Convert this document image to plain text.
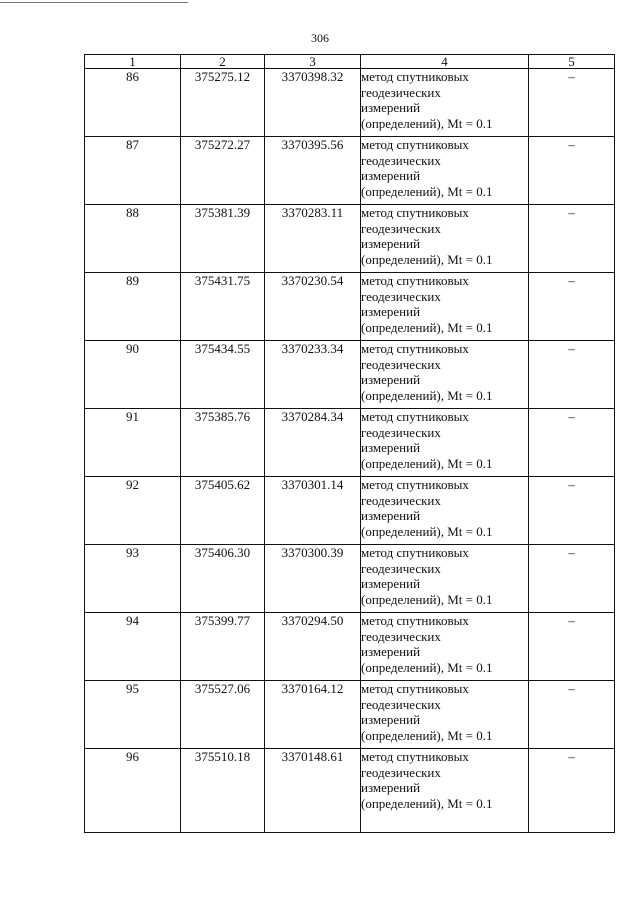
306
1	2	3	4	5
86	375275.12	3370398.32	метод спутниковых
геодезических
измерений
(определений), Mt = 0.1	–
87	375272.27	3370395.56	метод спутниковых
геодезических
измерений
(определений), Mt = 0.1	–
88	375381.39	3370283.11	метод спутниковых
геодезических
измерений
(определений), Mt = 0.1	–
89	375431.75	3370230.54	метод спутниковых
геодезических
измерений
(определений), Mt = 0.1	–
90	375434.55	3370233.34	метод спутниковых
геодезических
измерений
(определений), Mt = 0.1	–
91	375385.76	3370284.34	метод спутниковых
геодезических
измерений
(определений), Mt = 0.1	–
92	375405.62	3370301.14	метод спутниковых
геодезических
измерений
(определений), Mt = 0.1	–
93	375406.30	3370300.39	метод спутниковых
геодезических
измерений
(определений), Mt = 0.1	–
94	375399.77	3370294.50	метод спутниковых
геодезических
измерений
(определений), Mt = 0.1	–
95	375527.06	3370164.12	метод спутниковых
геодезических
измерений
(определений), Mt = 0.1	–
96	375510.18	3370148.61	метод спутниковых
геодезических
измерений
(определений), Mt = 0.1	–
